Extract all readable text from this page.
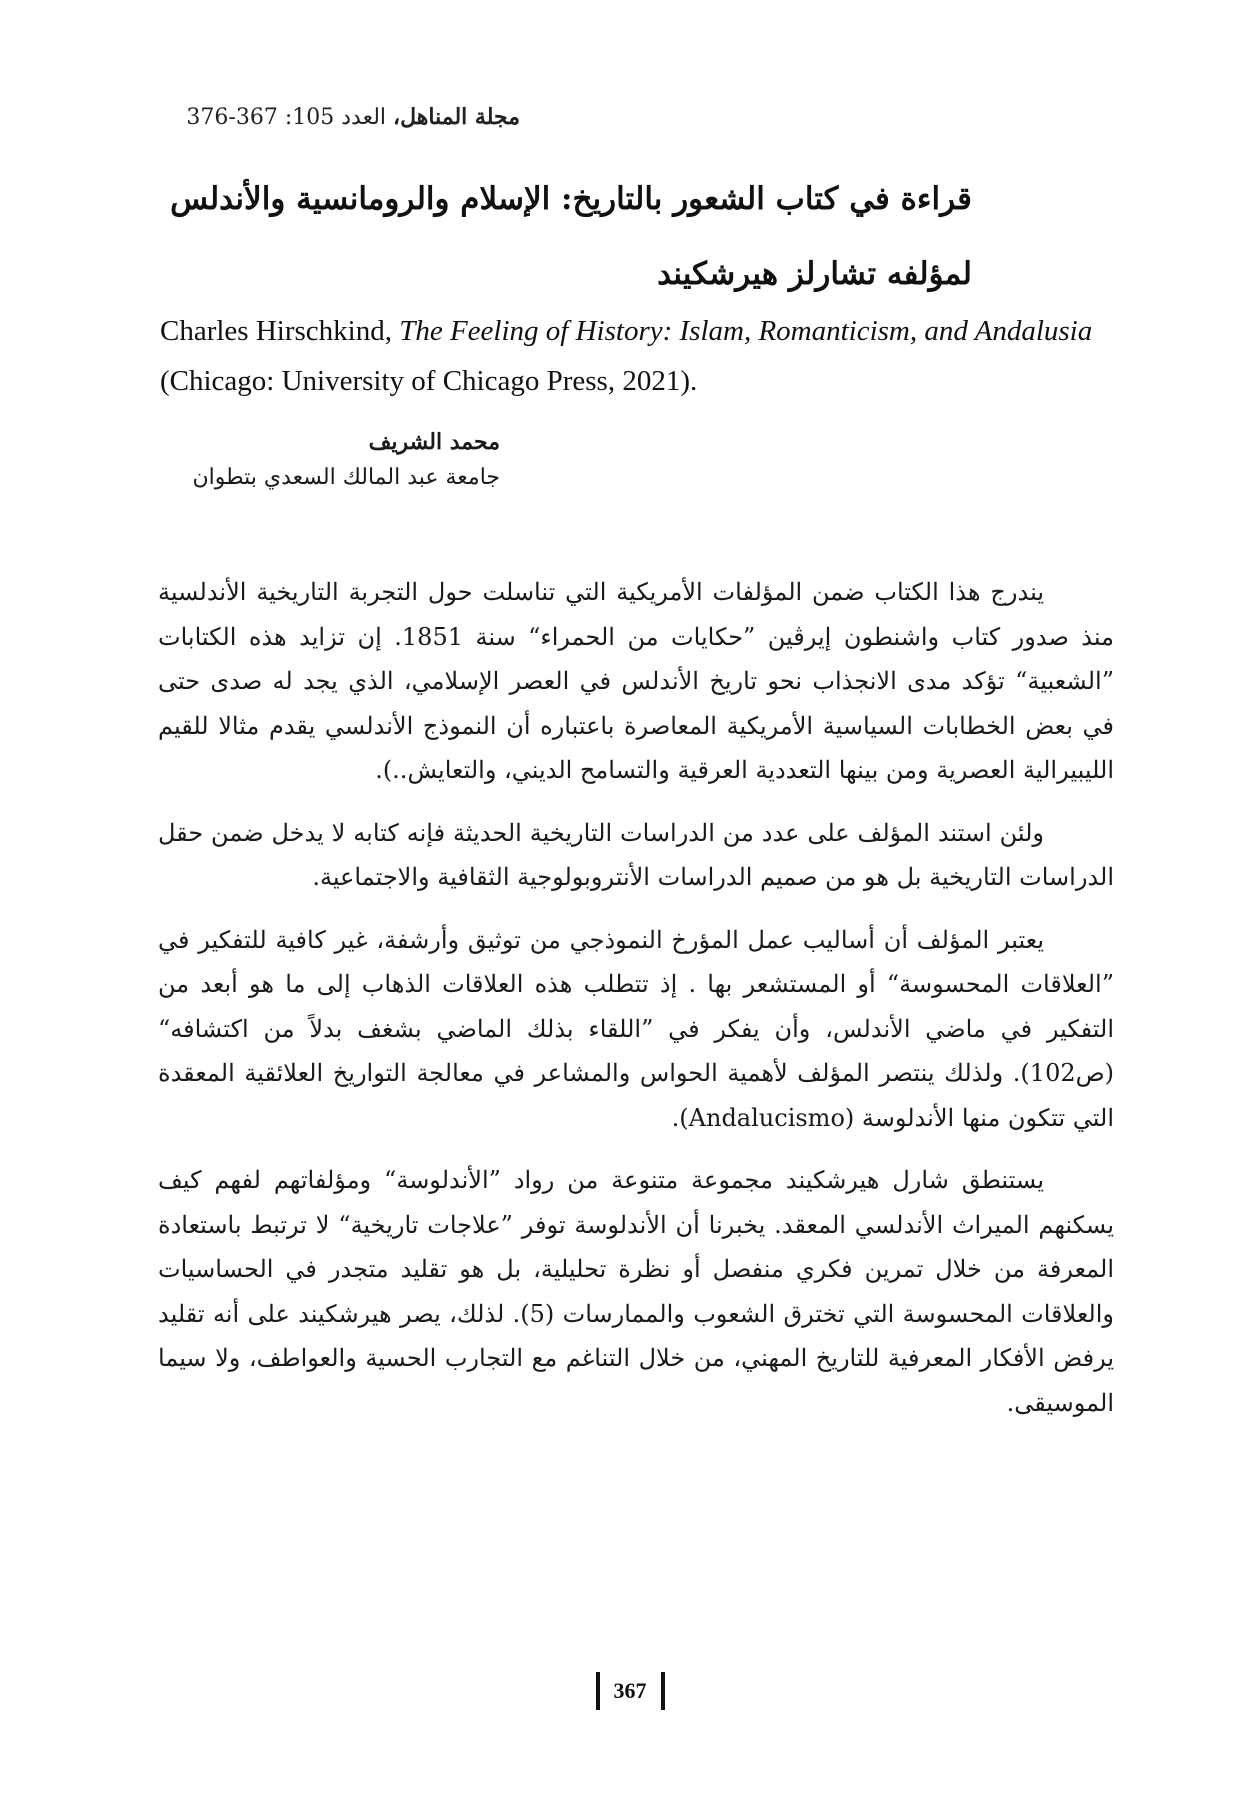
مجلة المناهل، العدد 105: 367-376
قراءة في كتاب الشعور بالتاريخ: الإسلام والرومانسية والأندلس
لمؤلفه تشارلز هيرشكيند
Charles Hirschkind, The Feeling of History: Islam, Romanticism, and Andalusia (Chicago: University of Chicago Press, 2021).
محمد الشريف
جامعة عبد المالك السعدي بتطوان

يندرج هذا الكتاب ضمن المؤلفات الأمريكية التي تناسلت حول التجربة التاريخية الأندلسية منذ صدور كتاب واشنطون إيرڤين ”حكايات من الحمراء“ سنة 1851. إن تزايد هذه الكتابات ”الشعبية“ تؤكد مدى الانجذاب نحو تاريخ الأندلس في العصر الإسلامي، الذي يجد له صدى حتى في بعض الخطابات السياسية الأمريكية المعاصرة باعتباره أن النموذج الأندلسي يقدم مثالا للقيم الليبيرالية العصرية ومن بينها التعددية العرقية والتسامح الديني، والتعايش..).

ولئن استند المؤلف على عدد من الدراسات التاريخية الحديثة فإنه كتابه لا يدخل ضمن حقل الدراسات التاريخية بل هو من صميم الدراسات الأنتروبولوجية الثقافية والاجتماعية.

يعتبر المؤلف أن أساليب عمل المؤرخ النموذجي من توثيق وأرشفة، غير كافية للتفكير في ”العلاقات المحسوسة“ أو المستشعر بها . إذ تتطلب هذه العلاقات الذهاب إلى ما هو أبعد من التفكير في ماضي الأندلس، وأن يفكر في ”اللقاء بذلك الماضي بشغف بدلاً من اكتشافه“ (ص102). ولذلك ينتصر المؤلف لأهمية الحواس والمشاعر في معالجة التواريخ العلائقية المعقدة التي تتكون منها الأندلوسة (Andalucismo).

يستنطق شارل هيرشكيند مجموعة متنوعة من رواد ”الأندلوسة“ ومؤلفاتهم لفهم كيف يسكنهم الميراث الأندلسي المعقد. يخبرنا أن الأندلوسة توفر ”علاجات تاريخية“ لا ترتبط باستعادة المعرفة من خلال تمرين فكري منفصل أو نظرة تحليلية، بل هو تقليد متجدر في الحساسيات والعلاقات المحسوسة التي تخترق الشعوب والممارسات (5). لذلك، يصر هيرشكيند على أنه تقليد يرفض الأفكار المعرفية للتاريخ المهني، من خلال التناغم مع التجارب الحسية والعواطف، ولا سيما الموسيقى.

367
